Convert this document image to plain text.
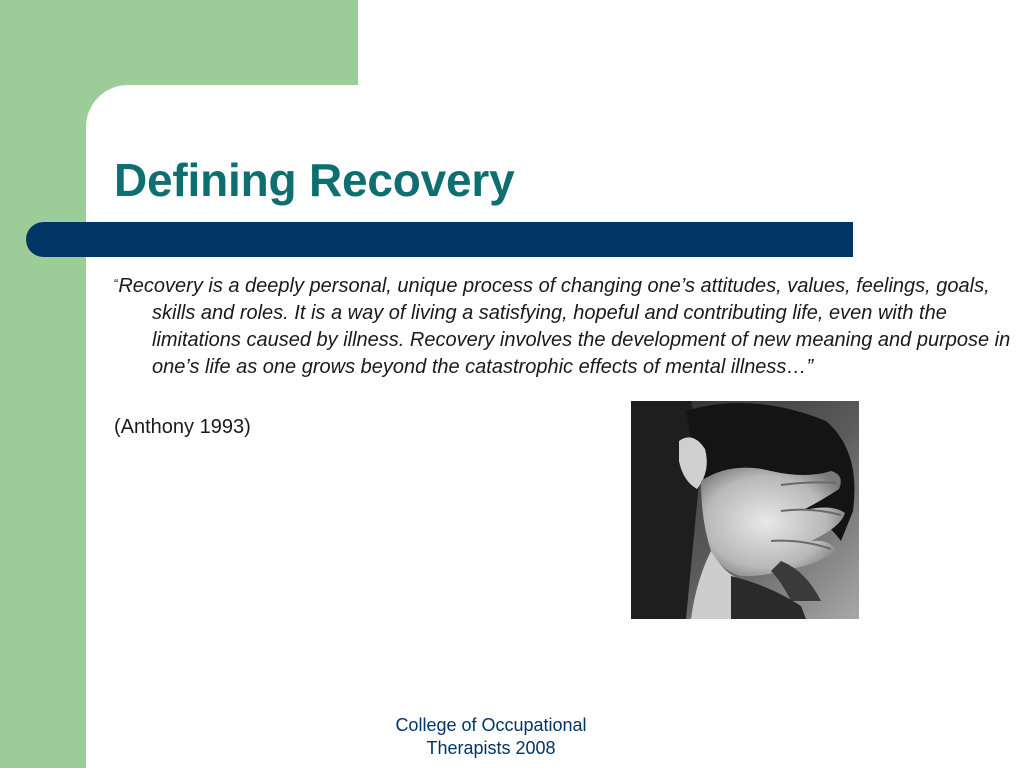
Defining Recovery

“Recovery is a deeply personal, unique process of changing one’s attitudes, values, feelings, goals, skills and roles. It is a way of living a satisfying, hopeful and contributing life, even with the limitations caused by illness. Recovery involves the development of new meaning and purpose in one’s life as one grows beyond the catastrophic effects of mental illness…”

(Anthony 1993)

College of Occupational
Therapists 2008
